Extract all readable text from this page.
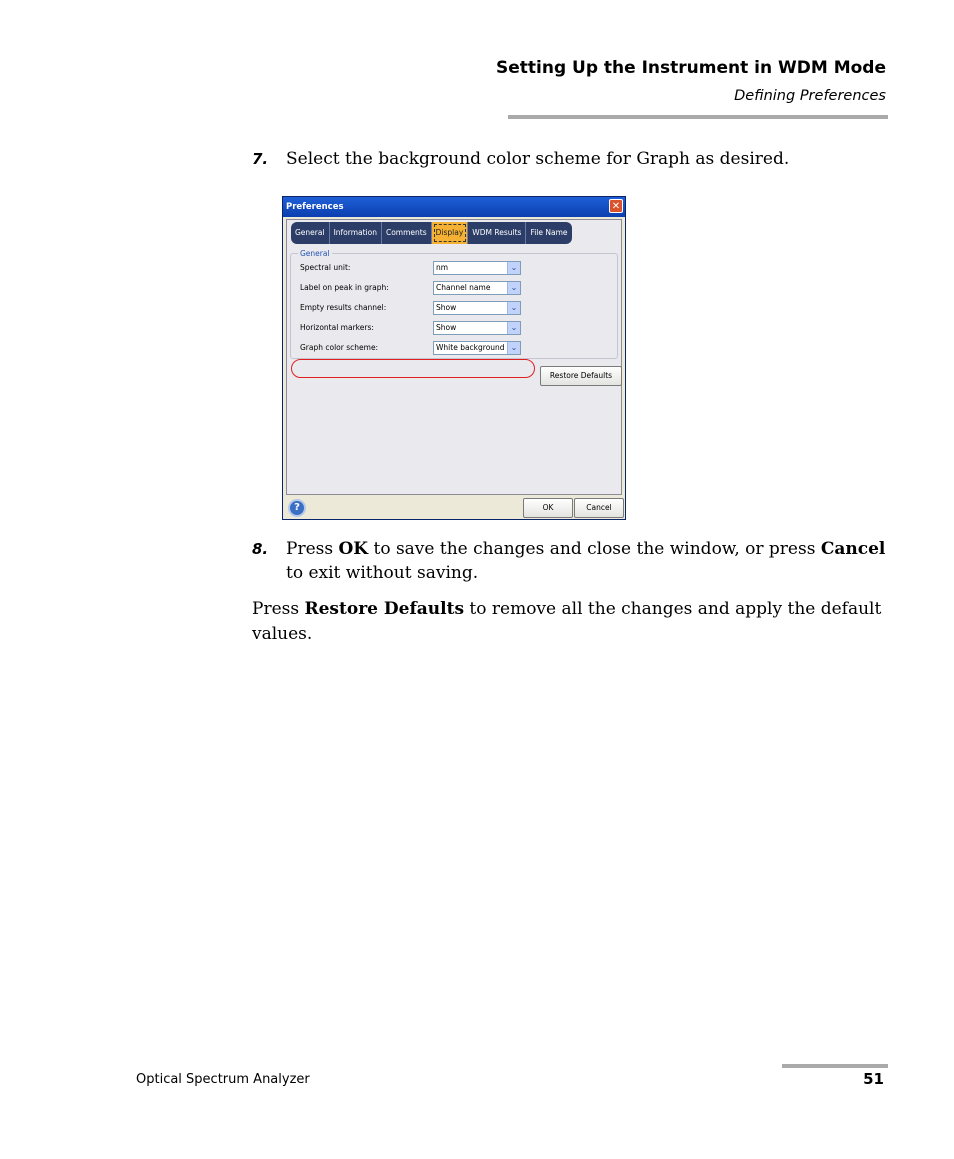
Setting Up the Instrument in WDM Mode
Defining Preferences
7. Select the background color scheme for Graph as desired.
Preferences	✕
General	Information	Comments	Display	WDM Results	File Name
General
Spectral unit:	nm	⌄
Label on peak in graph:	Channel name	⌄
Empty results channel:	Show	⌄
Horizontal markers:	Show	⌄
Graph color scheme:	White background ⌄
Restore Defaults
?	OK	Cancel
8. Press OK to save the changes and close the window, or press Cancel to exit without saving.
Press Restore Defaults to remove all the changes and apply the default values.
Optical Spectrum Analyzer	51
